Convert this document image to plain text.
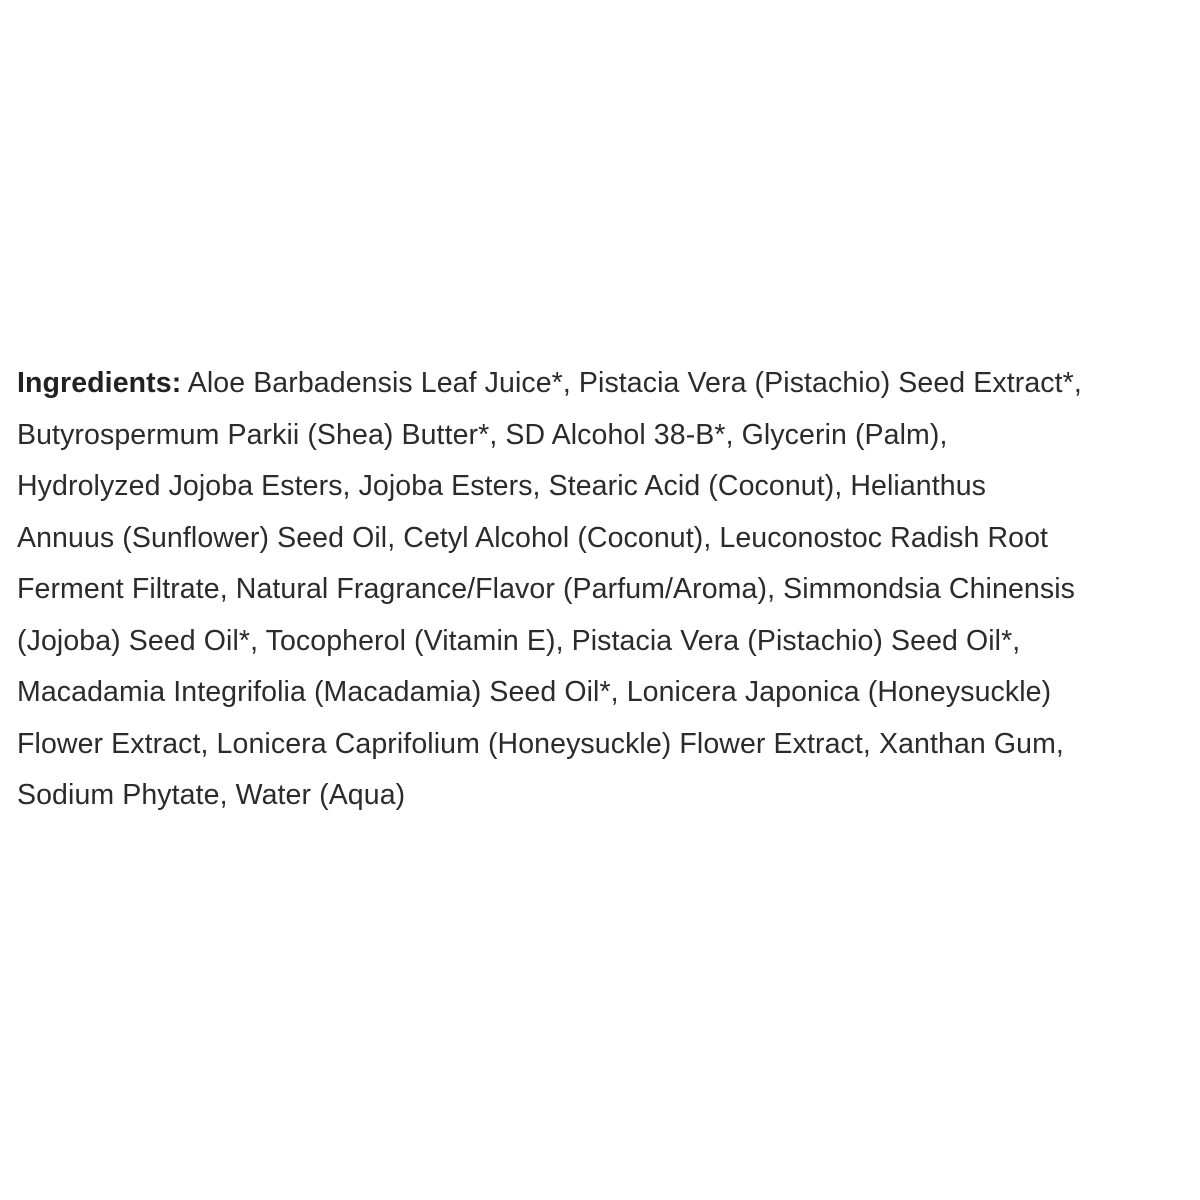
Ingredients: Aloe Barbadensis Leaf Juice*, Pistacia Vera (Pistachio) Seed Extract*,
Butyrospermum Parkii (Shea) Butter*, SD Alcohol 38-B*, Glycerin (Palm),
Hydrolyzed Jojoba Esters, Jojoba Esters, Stearic Acid (Coconut), Helianthus
Annuus (Sunflower) Seed Oil, Cetyl Alcohol (Coconut), Leuconostoc Radish Root
Ferment Filtrate, Natural Fragrance/Flavor (Parfum/Aroma), Simmondsia Chinensis
(Jojoba) Seed Oil*, Tocopherol (Vitamin E), Pistacia Vera (Pistachio) Seed Oil*,
Macadamia Integrifolia (Macadamia) Seed Oil*, Lonicera Japonica (Honeysuckle)
Flower Extract, Lonicera Caprifolium (Honeysuckle) Flower Extract, Xanthan Gum,
Sodium Phytate, Water (Aqua)
